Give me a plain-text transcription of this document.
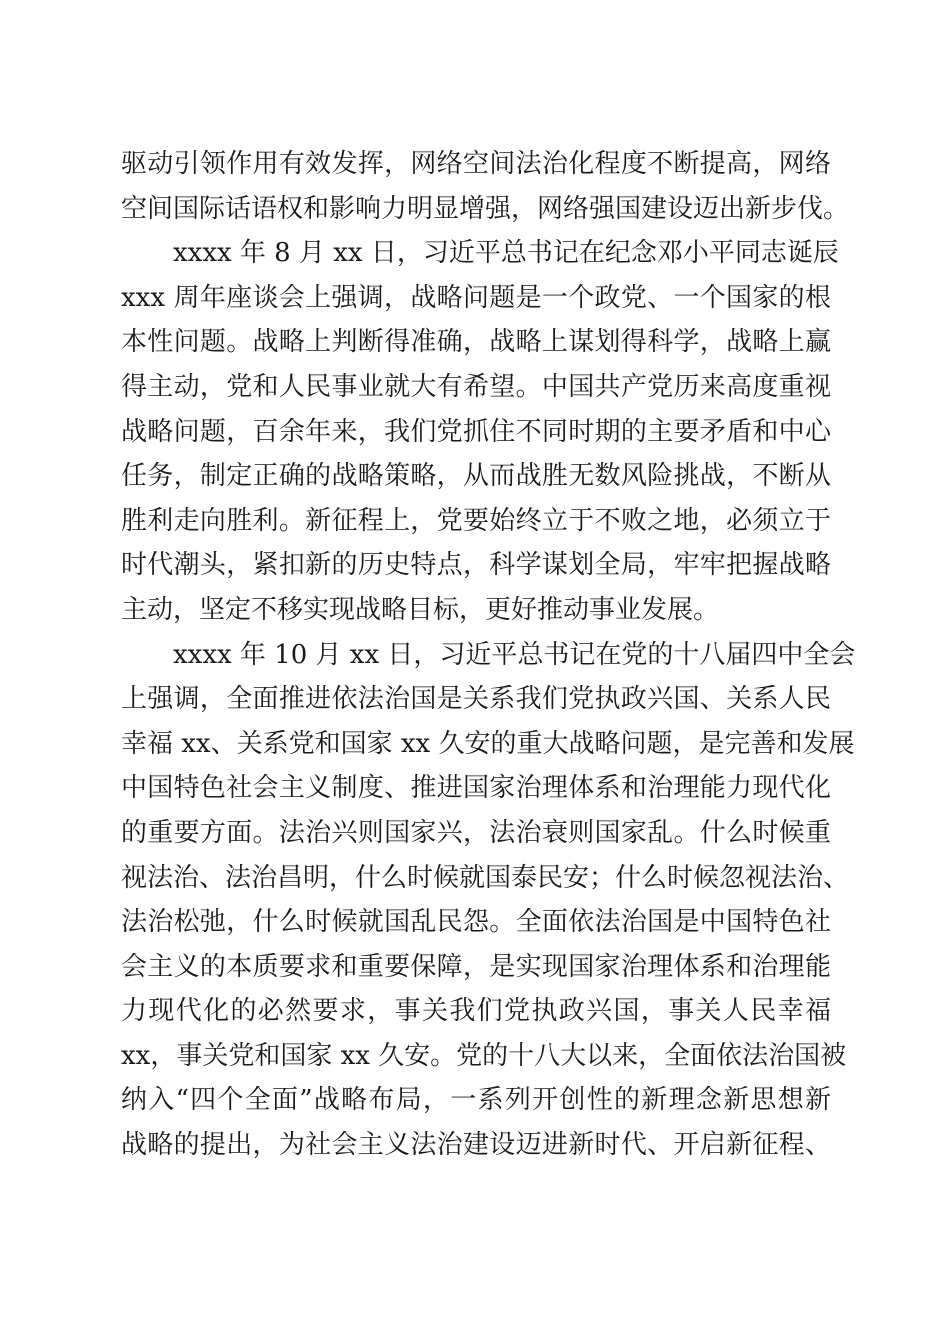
驱动引领作用有效发挥，网络空间法治化程度不断提高，网络
空间国际话语权和影响力明显增强，网络强国建设迈出新步伐。
xxxx 年 8 月 xx 日，习近平总书记在纪念邓小平同志诞辰
xxx 周年座谈会上强调，战略问题是一个政党、一个国家的根
本性问题。战略上判断得准确，战略上谋划得科学，战略上赢
得主动，党和人民事业就大有希望。中国共产党历来高度重视
战略问题，百余年来，我们党抓住不同时期的主要矛盾和中心
任务，制定正确的战略策略，从而战胜无数风险挑战，不断从
胜利走向胜利。新征程上，党要始终立于不败之地，必须立于
时代潮头，紧扣新的历史特点，科学谋划全局，牢牢把握战略
主动，坚定不移实现战略目标，更好推动事业发展。
xxxx 年 10 月 xx 日，习近平总书记在党的十八届四中全会
上强调，全面推进依法治国是关系我们党执政兴国、关系人民
幸福 xx、关系党和国家 xx 久安的重大战略问题，是完善和发展
中国特色社会主义制度、推进国家治理体系和治理能力现代化
的重要方面。法治兴则国家兴，法治衰则国家乱。什么时候重
视法治、法治昌明，什么时候就国泰民安；什么时候忽视法治、
法治松弛，什么时候就国乱民怨。全面依法治国是中国特色社
会主义的本质要求和重要保障，是实现国家治理体系和治理能
力现代化的必然要求，事关我们党执政兴国，事关人民幸福
xx，事关党和国家 xx 久安。党的十八大以来，全面依法治国被
纳入“四个全面”战略布局，一系列开创性的新理念新思想新
战略的提出，为社会主义法治建设迈进新时代、开启新征程、
